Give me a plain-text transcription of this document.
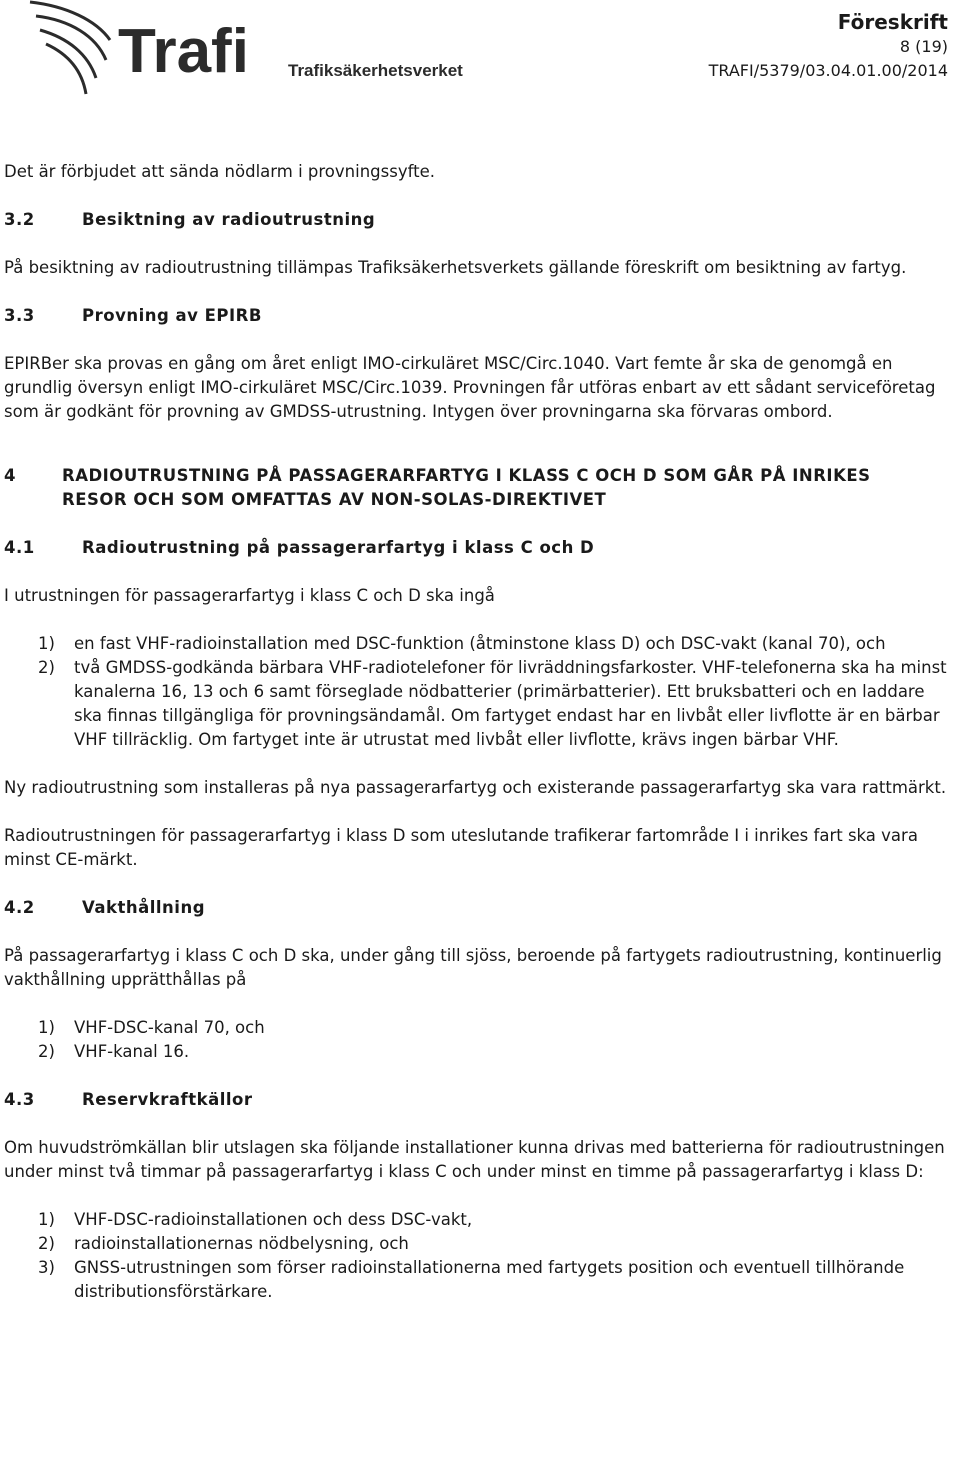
Trafi Trafiksäkerhetsverket
Föreskrift
8 (19)
TRAFI/5379/03.04.01.00/2014

Det är förbjudet att sända nödlarm i provningssyfte.

3.2	Besiktning av radioutrustning

På besiktning av radioutrustning tillämpas Trafiksäkerhetsverkets gällande föreskrift om besiktning av fartyg.

3.3	Provning av EPIRB

EPIRBer ska provas en gång om året enligt IMO-cirkuläret MSC/Circ.1040. Vart femte år ska de genomgå en grundlig översyn enligt IMO-cirkuläret MSC/Circ.1039. Provningen får utföras enbart av ett sådant serviceföretag som är godkänt för provning av GMDSS-utrustning. Intygen över provningarna ska förvaras ombord.

4	RADIOUTRUSTNING PÅ PASSAGERARFARTYG I KLASS C OCH D SOM GÅR PÅ INRIKES RESOR OCH SOM OMFATTAS AV NON-SOLAS-DIREKTIVET
4.1	Radioutrustning på passagerarfartyg i klass C och D

I utrustningen för passagerarfartyg i klass C och D ska ingå

1)	en fast VHF-radioinstallation med DSC-funktion (åtminstone klass D) och DSC-vakt (kanal 70), och
2)	två GMDSS-godkända bärbara VHF-radiotelefoner för livräddningsfarkoster. VHF-telefonerna ska ha minst kanalerna 16, 13 och 6 samt förseglade nödbatterier (primärbatterier). Ett bruksbatteri och en laddare ska finnas tillgängliga för provningsändamål. Om fartyget endast har en livbåt eller livflotte är en bärbar VHF tillräcklig. Om fartyget inte är utrustat med livbåt eller livflotte, krävs ingen bärbar VHF.

Ny radioutrustning som installeras på nya passagerarfartyg och existerande passagerarfartyg ska vara rattmärkt.

Radioutrustningen för passagerarfartyg i klass D som uteslutande trafikerar fartområde I i inrikes fart ska vara minst CE-märkt.

4.2	Vakthållning

På passagerarfartyg i klass C och D ska, under gång till sjöss, beroende på fartygets radioutrustning, kontinuerlig vakthållning upprätthållas på

1)	VHF-DSC-kanal 70, och
2)	VHF-kanal 16.
4.3	Reservkraftkällor

Om huvudströmkällan blir utslagen ska följande installationer kunna drivas med batterierna för radioutrustningen under minst två timmar på passagerarfartyg i klass C och under minst en timme på passagerarfartyg i klass D:

1)	VHF-DSC-radioinstallationen och dess DSC-vakt,
2)	radioinstallationernas nödbelysning, och
3)	GNSS-utrustningen som förser radioinstallationerna med fartygets position och eventuell tillhörande distributionsförstärkare.
